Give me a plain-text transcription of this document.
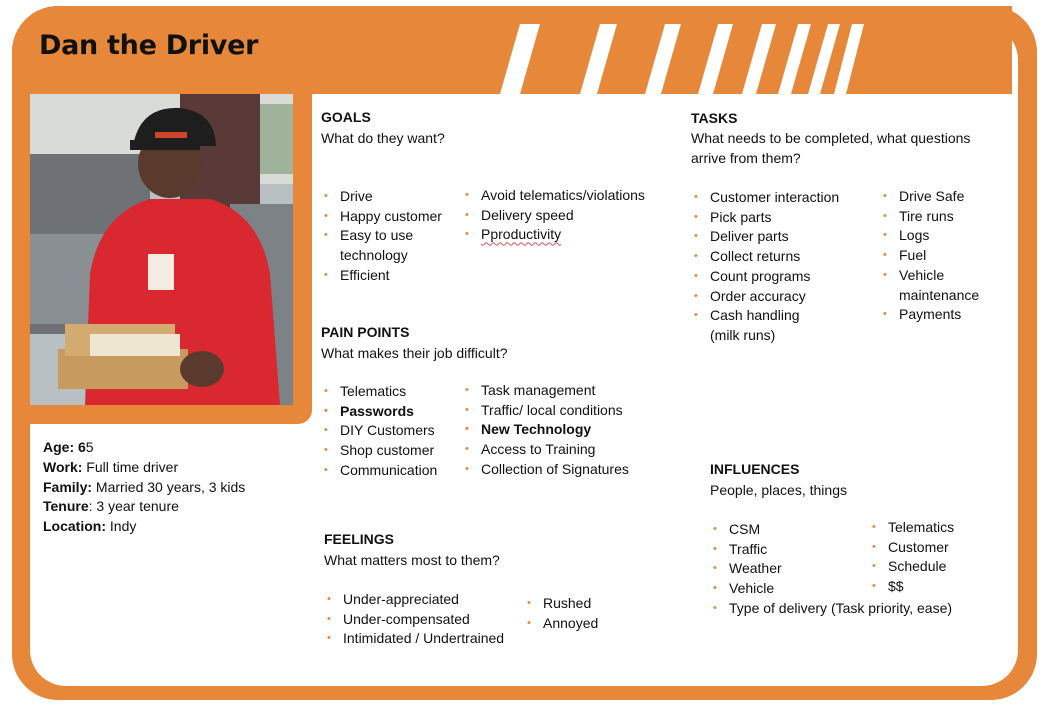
Dan the Driver
Age: 65
Work: Full time driver
Family: Married 30 years, 3 kids
Tenure: 3 year tenure
Location: Indy
GOALS

What do they want?

• Drive
• Happy customer
• Easy to use technology
• Efficient
• Avoid telematics/violations
• Delivery speed
• Pproductivity
PAIN POINTS

What makes their job difficult?

• Telematics
• Passwords
• DIY Customers
• Shop customer
• Communication
• Task management
• Traffic/ local conditions
• New Technology
• Access to Training
• Collection of Signatures
FEELINGS

What matters most to them?

• Under-appreciated
• Under-compensated
• Intimidated / Undertrained
• Rushed
• Annoyed
TASKS

What needs to be completed, what questions arrive from them?

• Customer interaction
• Pick parts
• Deliver parts
• Collect returns
• Count programs
• Order accuracy
• Cash handling (milk runs)
• Drive Safe
• Tire runs
• Logs
• Fuel
• Vehicle maintenance
• Payments
INFLUENCES

People, places, things

• CSM
• Traffic
• Weather
• Vehicle
• Type of delivery (Task priority, ease)
• Telematics
• Customer
• Schedule
• $$
